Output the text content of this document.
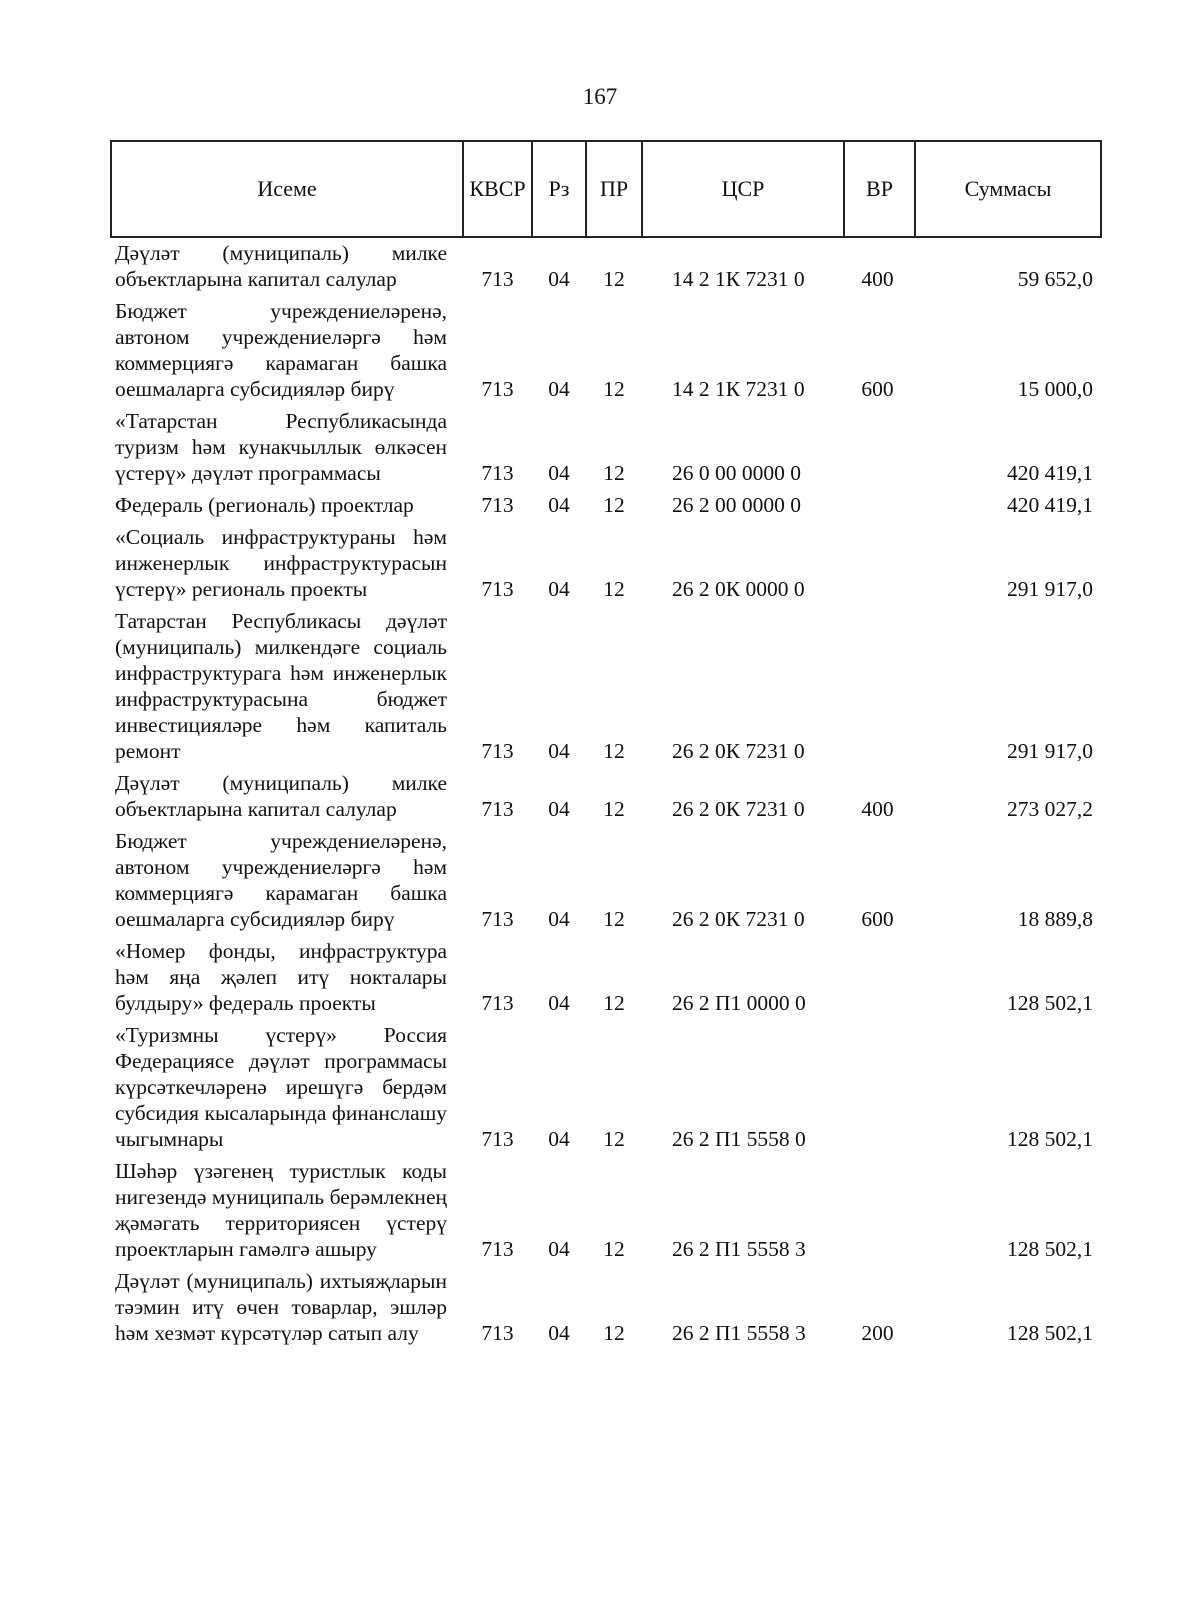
167
Исеме	КВСР	Рз	ПР	ЦСР	ВР	Суммасы
Дәүләт (муниципаль) милке объектларына капитал салулар	713	04	12	14 2 1К 7231 0	400	59 652,0
Бюджет учреждениеләренә, автоном учреждениеләргә һәм коммерциягә карамаган башка оешмаларга субсидияләр бирү	713	04	12	14 2 1К 7231 0	600	15 000,0
«Татарстан Республикасында туризм һәм кунакчыллык өлкәсен үстерү» дәүләт программасы	713	04	12	26 0 00 0000 0		420 419,1
Федераль (региональ) проектлар	713	04	12	26 2 00 0000 0		420 419,1
«Социаль инфраструктураны һәм инженерлык инфраструктурасын үстерү» региональ проекты	713	04	12	26 2 0К 0000 0		291 917,0
Татарстан Республикасы дәүләт (муниципаль) милкендәге социаль инфраструктурага һәм инженерлык инфраструктурасына бюджет инвестицияләре һәм капиталь ремонт	713	04	12	26 2 0К 7231 0		291 917,0
Дәүләт (муниципаль) милке объектларына капитал салулар	713	04	12	26 2 0К 7231 0	400	273 027,2
Бюджет учреждениеләренә, автоном учреждениеләргә һәм коммерциягә карамаган башка оешмаларга субсидияләр бирү	713	04	12	26 2 0К 7231 0	600	18 889,8
«Номер фонды, инфраструктура һәм яңа җәлеп итү нокталары булдыру» федераль проекты	713	04	12	26 2 П1 0000 0		128 502,1
«Туризмны үстерү» Россия Федерациясе дәүләт программасы күрсәткечләренә ирешүгә бердәм субсидия кысаларында финанслашу чыгымнары	713	04	12	26 2 П1 5558 0		128 502,1
Шәһәр үзәгенең туристлык коды нигезендә муниципаль берәмлекнең җәмәгать территориясен үстерү проектларын гамәлгә ашыру	713	04	12	26 2 П1 5558 3		128 502,1
Дәүләт (муниципаль) ихтыяҗларын тәэмин итү өчен товарлар, эшләр һәм хезмәт күрсәтүләр сатып алу	713	04	12	26 2 П1 5558 3	200	128 502,1
